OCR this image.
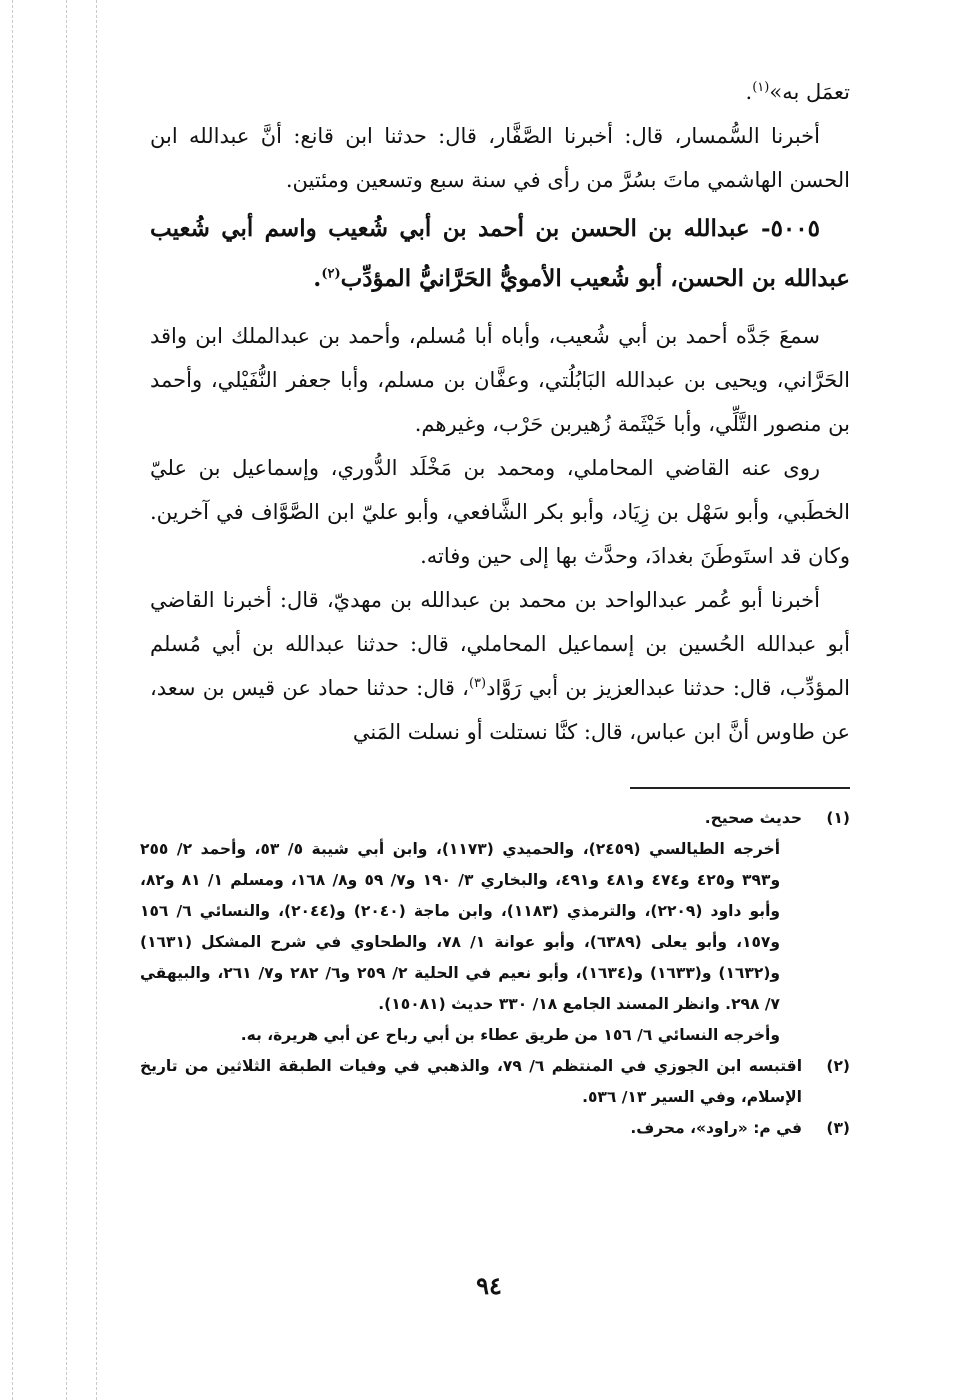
تعمَل به»$^{(١)}$.

أخبرنا السُّمسار، قال: أخبرنا الصَّفَّار، قال: حدثنا ابن قانع: أنَّ عبدالله ابن الحسن الهاشمي ماتَ بسُرَّ من رأى في سنة سبع وتسعين ومئتين.

٥٠٠٥- عبدالله بن الحسن بن أحمد بن أبي شُعيب واسم أبي شُعيب عبدالله بن الحسن، أبو شُعيب الأمويُّ الحَرَّانيُّ المؤدِّب$^{(٢)}$.

سمعَ جَدَّه أحمد بن أبي شُعيب، وأباه أبا مُسلم، وأحمد بن عبدالملك ابن واقد الحَرَّاني، ويحيى بن عبدالله البَابُلُتي، وعفَّان بن مسلم، وأبا جعفر النُّفَيْلي، وأحمد بن منصور التَّلِّي، وأبا خَيْثَمة زُهيربن حَرْب، وغيرهم.

روى عنه القاضي المحاملي، ومحمد بن مَخْلَد الدُّوري، وإسماعيل بن عليّ الخطَبي، وأبو سَهْل بن زِيَاد، وأبو بكر الشَّافعي، وأبو عليّ ابن الصَّوَّاف في آخرين. وكان قد استَوطَنَ بغدادَ، وحدَّث بها إلى حين وفاته.

أخبرنا أبو عُمر عبدالواحد بن محمد بن عبدالله بن مهديّ، قال: أخبرنا القاضي أبو عبدالله الحُسين بن إسماعيل المحاملي، قال: حدثنا عبدالله بن أبي مُسلم المؤدِّب، قال: حدثنا عبدالعزيز بن أبي رَوَّاد$^{(٣)}$، قال: حدثنا حماد عن قيس بن سعد، عن طاوس أنَّ ابن عباس، قال: كنَّا نستلت أو نسلت المَني

(١)
حديث صحيح.
أخرجه الطيالسي (٢٤٥٩)، والحميدي (١١٧٣)، وابن أبي شيبة ٥/ ٥٣، وأحمد ٢/ ٢٥٥ و٣٩٣ و٤٢٥ و٤٧٤ و٤٨١ و٤٩١، والبخاري ٣/ ١٩٠ و٧/ ٥٩ و٨/ ١٦٨، ومسلم ١/ ٨١ و٨٢، وأبو داود (٢٢٠٩)، والترمذي (١١٨٣)، وابن ماجة (٢٠٤٠) و(٢٠٤٤)، والنسائي ٦/ ١٥٦ و١٥٧، وأبو يعلى (٦٣٨٩)، وأبو عوانة ١/ ٧٨، والطحاوي في شرح المشكل (١٦٣١) و(١٦٣٢) و(١٦٣٣) و(١٦٣٤)، وأبو نعيم في الحلية ٢/ ٢٥٩ و٦/ ٢٨٢ و٧/ ٢٦١، والبيهقي ٧/ ٢٩٨. وانظر المسند الجامع ١٨/ ٣٣٠ حديث (١٥٠٨١).
وأخرجه النسائي ٦/ ١٥٦ من طريق عطاء بن أبي رباح عن أبي هريرة، به.
(٢)
اقتبسه ابن الجوزي في المنتظم ٦/ ٧٩، والذهبي في وفيات الطبقة الثلاثين من تاريخ الإسلام، وفي السير ١٣/ ٥٣٦.
(٣)
في م: «راود»، محرف.
٩٤
